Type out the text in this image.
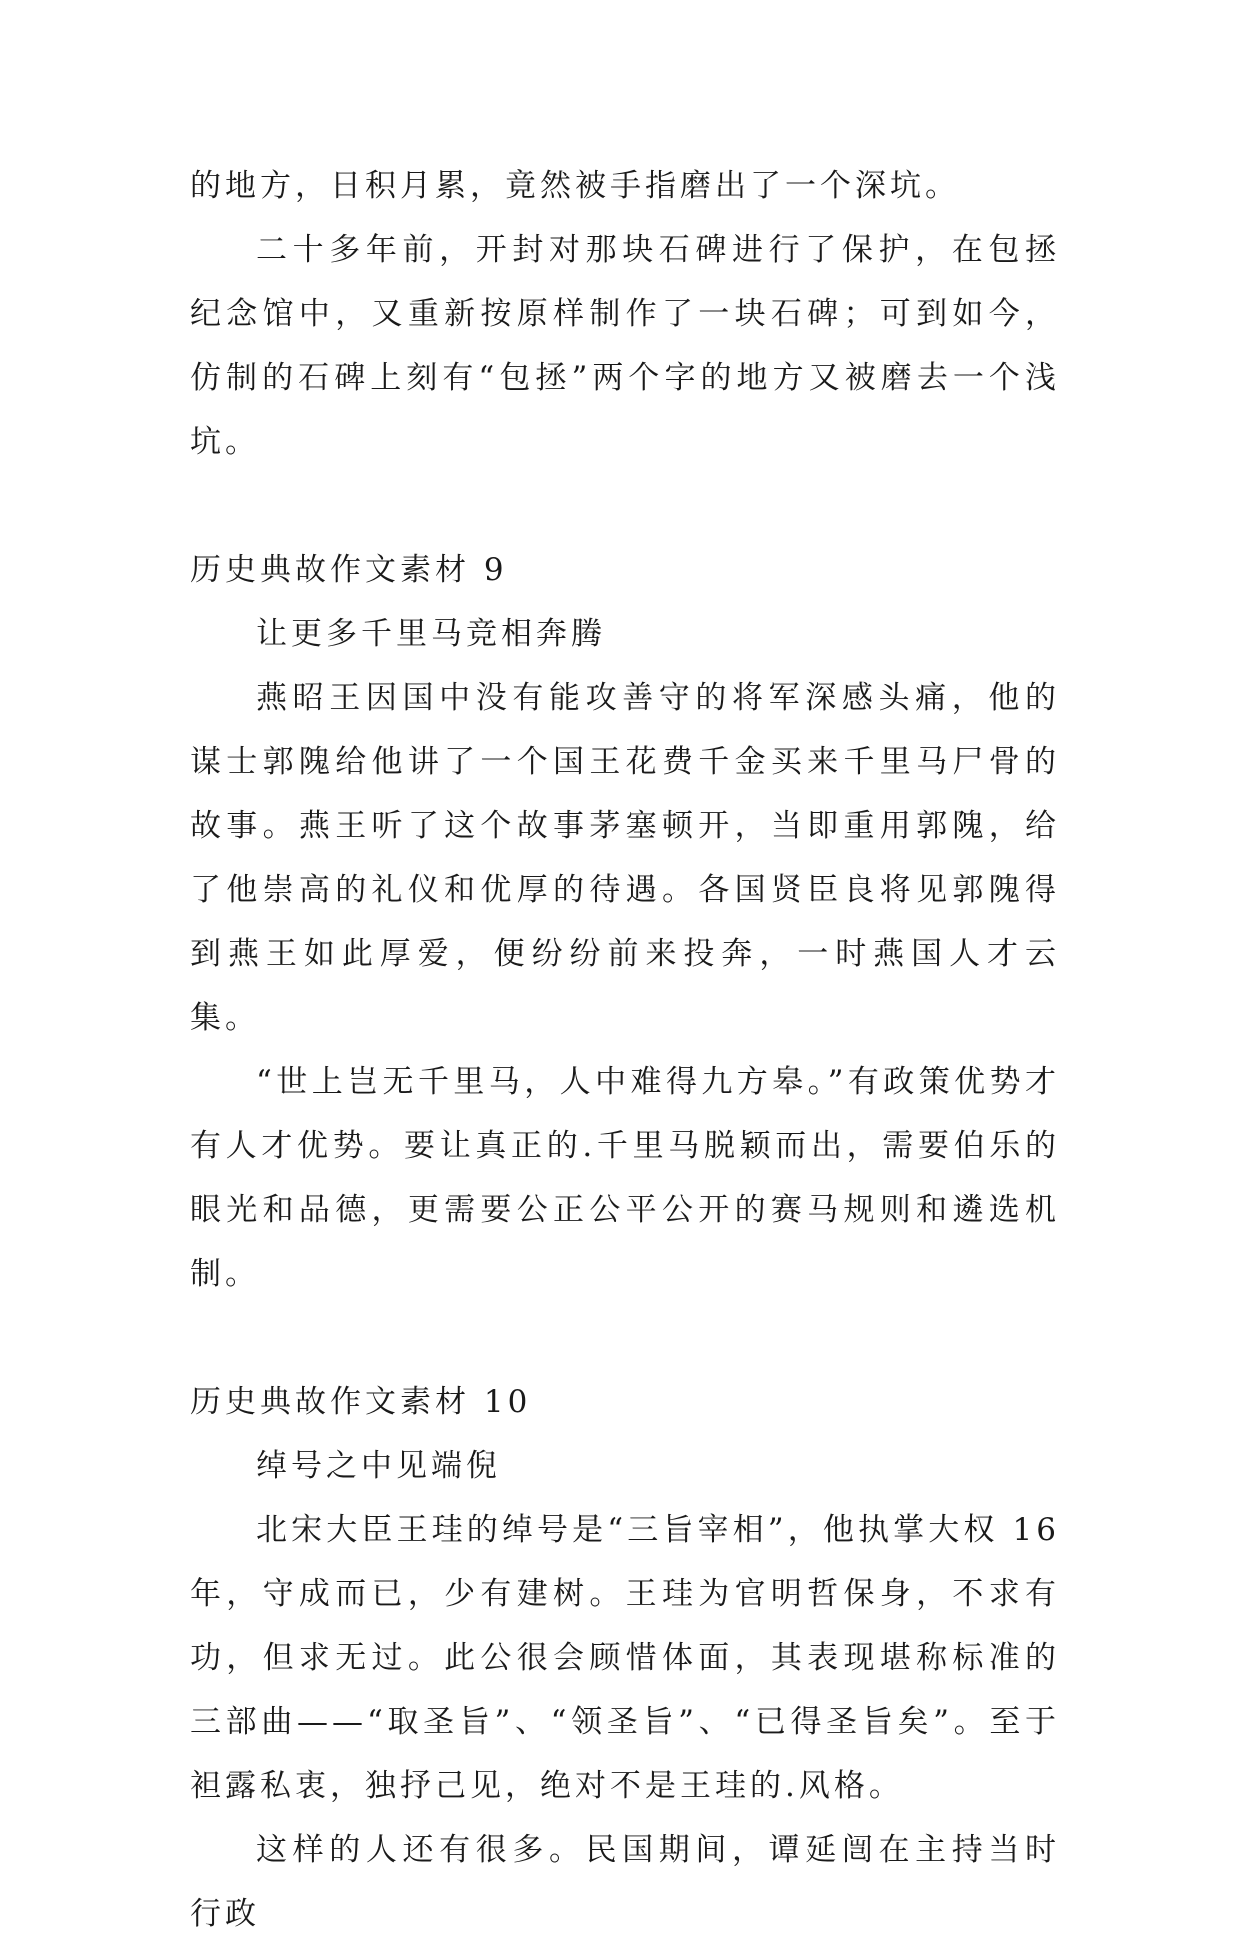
的地方，日积月累，竟然被手指磨出了一个深坑。

二十多年前，开封对那块石碑进行了保护，在包拯纪念馆中，又重新按原样制作了一块石碑；可到如今，仿制的石碑上刻有“包拯”两个字的地方又被磨去一个浅坑。

历史典故作文素材 9

让更多千里马竞相奔腾

燕昭王因国中没有能攻善守的将军深感头痛，他的谋士郭隗给他讲了一个国王花费千金买来千里马尸骨的故事。燕王听了这个故事茅塞顿开，当即重用郭隗，给了他崇高的礼仪和优厚的待遇。各国贤臣良将见郭隗得到燕王如此厚爱，便纷纷前来投奔，一时燕国人才云集。

“世上岂无千里马，人中难得九方皋。”有政策优势才有人才优势。要让真正的.千里马脱颖而出，需要伯乐的眼光和品德，更需要公正公平公开的赛马规则和遴选机制。

历史典故作文素材 10

绰号之中见端倪

北宋大臣王珪的绰号是“三旨宰相”，他执掌大权 16 年，守成而已，少有建树。王珪为官明哲保身，不求有功，但求无过。此公很会顾惜体面，其表现堪称标准的三部曲——“取圣旨”、“领圣旨”、“已得圣旨矣”。至于袒露私衷，独抒己见，绝对不是王珪的.风格。

这样的人还有很多。民国期间，谭延闿在主持当时行政
